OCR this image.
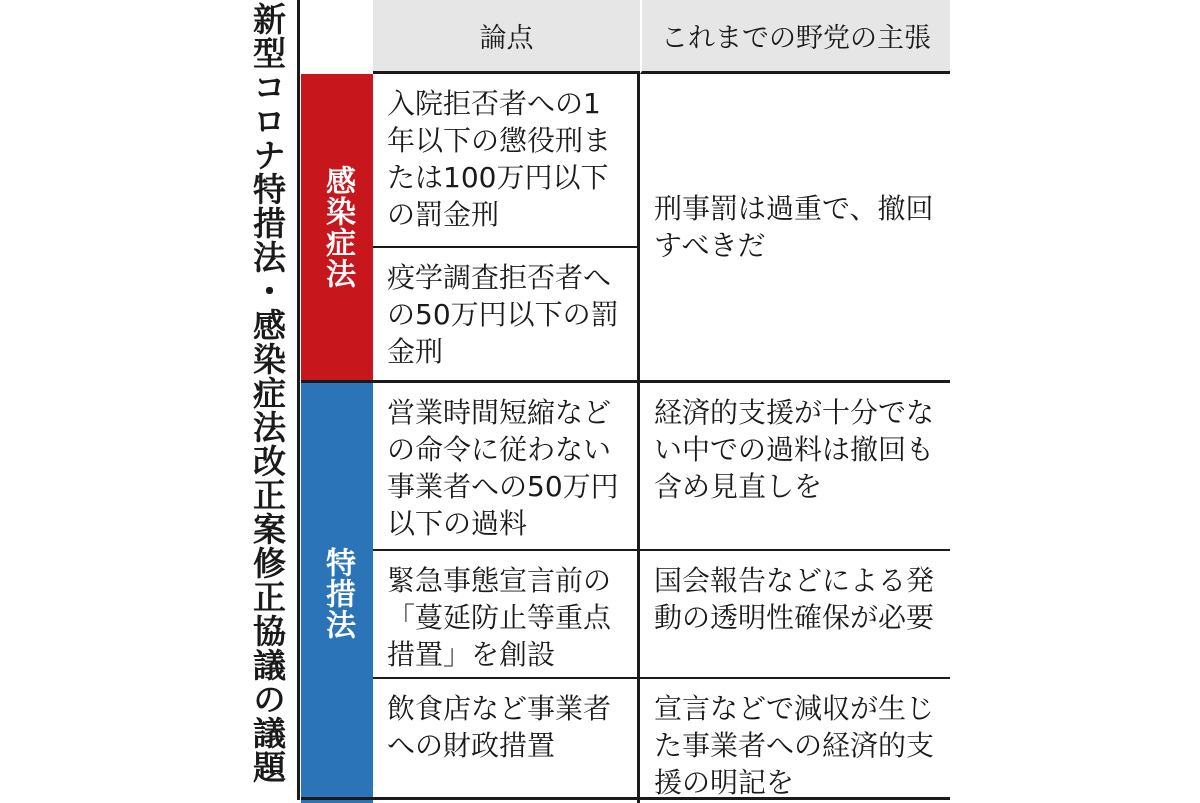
新型コロナ特措法・感染症法改正案修正協議の議題	論点	これまでの野党の主張
感染症法
入院拒否者への1年以下の懲役刑または100万円以下の罰金刑
疫学調査拒否者への50万円以下の罰金刑
刑事罰は過重で、撤回すべきだ
特措法
営業時間短縮などの命令に従わない事業者への50万円以下の過料
緊急事態宣言前の「蔓延防止等重点措置」を創設
飲食店など事業者への財政措置
経済的支援が十分でない中での過料は撤回も含め見直しを
国会報告などによる発動の透明性確保が必要
宣言などで減収が生じた事業者への経済的支援の明記を
